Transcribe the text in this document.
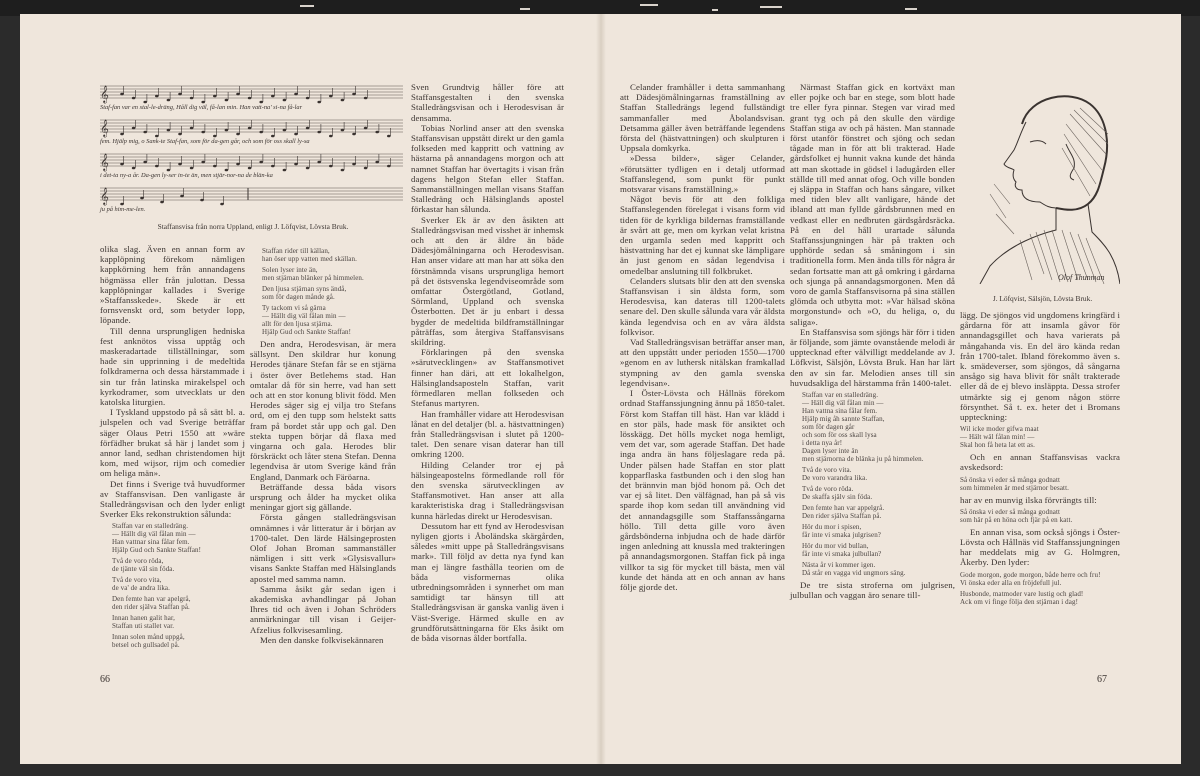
𝄞
𝄞
𝄞
𝄞
Staf-fan var en stal-le-dräng, Håll dig väl, få-lan min. Han vatt-na' si-na få-lar
fem. Hjälp mig, o Sank-te Staf-fan, som för da-gen går, och som för oss skall ly-sa
i det-ta ny-a år. Da-gen ly-ser in-te än, men stjär-nor-na de blän-ka
ju på him-me-len.
Staffansvisa från norra Uppland, enligt J. Löfqvist, Lövsta Bruk.

olika slag. Även en annan form av kapplöpning förekom nämligen kappkörning hem från annandagens högmässa eller från julottan. Dessa kapplöpningar kallades i Sverige »Staffansskede». Skede är ett fornsvenskt ord, som betyder lopp, löpande.

Till denna ursprungligen hedniska fest anknötos vissa upptåg och maskeradartade tillställningar, som hade sin upprinning i de medeltida folkdramerna och dessa härstammade i sin tur från latinska mirakelspel och kyrkodramer, som utvecklats ur den katolska liturgien.

I Tyskland uppstodo på så sätt bl. a. julspelen och vad Sverige beträffar säger Olaus Petri 1550 att »wäre förfädher brukat så här j landet som j annor land, sedhan christendomen hijt kom, med wijsor, rijm och comedier om heliga män».

Det finns i Sverige två huvudformer av Staffansvisan. Den vanligaste är Stalledrängsvisan och den lyder enligt Sverker Eks rekonstruktion sålunda:

Staffan var en stalledräng.
— Hällt dig väl fålan min —
Han vattnar sina fålar fem.
Hjälp Gud och Sankte Staffan!
Två de voro röda,
de tjänte väl sin föda.
Två de voro vita,
de va' de andra lika.
Den femte han var apelgrå,
den rider själva Staffan på.
Innan hanen galit har,
Staffan uti stallet var.
Innan solen månd uppgå,
betsel och gullsadel på.
Staffan rider till källan,
han öser upp vatten med skällan.
Solen lyser inte än,
men stjärnan blänker på himmelen.
Den ljusa stjärnan syns ändå,
som för dagen månde gå.
Ty tackom vi så gärna
— Hällt dig väl fålan min —
allt för den ljusa stjärna.
Hjälp Gud och Sankte Staffan!

Den andra, Herodesvisan, är mera sällsynt. Den skildrar hur konung Herodes tjänare Stefan får se en stjärna i öster över Betlehems stad. Han omtalar då för sin herre, vad han sett och att en stor konung blivit född. Men Herodes säger sig ej vilja tro Stefans ord, om ej den tupp som helstekt satts fram på bordet står upp och gal. Den stekta tuppen börjar då flaxa med vingarna och gala. Herodes blir förskräckt och låter stena Stefan. Denna legendvisa är utom Sverige känd från England, Danmark och Färöarna.

Beträffande dessa båda visors ursprung och ålder ha mycket olika meningar gjort sig gällande.

Första gången stalledrängsvisan omnämnes i vår litteratur är i början av 1700-talet. Den lärde Hälsingeprosten Olof Johan Broman sammanställer nämligen i sitt verk »Glysisvallur» visans Sankte Staffan med Hälsinglands apostel med samma namn.

Samma åsikt går sedan igen i akademiska avhandlingar på Johan Ihres tid och även i Johan Schröders anmärkningar till visan i Geijer-Afzelius folkvisesamling.

Men den danske folkvisekännaren

Sven Grundtvig håller före att Staffansgestalten i den svenska Stalledrängsvisan och i Herodesvisan är densamma.

Tobias Norlind anser att den svenska Staffansvisan uppstått direkt ur den gamla folkseden med kappritt och vattning av hästarna på annandagens morgon och att namnet Staffan har övertagits i visan från dagens helgon Stefan eller Staffan. Sammanställningen mellan visans Staffan Stalledräng och Hälsinglands apostel förkastar han sålunda.

Sverker Ek är av den åsikten att Stalledrängsvisan med visshet är inhemsk och att den är äldre än både Dädesjömålningarna och Herodesvisan. Han anser vidare att man har att söka den förstnämnda visans ursprungliga hemort på det östsvenska legendviseområde som omfattar Östergötland, Gotland, Sörmland, Uppland och svenska Österbotten. Det är ju enbart i dessa bygder de medeltida bildframställningar påträffas, som återgiva Staffansvisans skildring.

Förklaringen på den svenska »särutvecklingen» av Staffansmotivet finner han däri, att ett lokalhelgon, Hälsinglandsaposteln Staffan, varit förmedlaren mellan folkseden och Stefanus martyren.

Han framhåller vidare att Herodesvisan lånat en del detaljer (bl. a. hästvattningen) från Stalledrängsvisan i slutet på 1200-talet. Den senare visan daterar han till omkring 1200.

Hilding Celander tror ej på hälsingeapostelns förmedlande roll för den svenska särutvecklingen av Staffansmotivet. Han anser att alla karakteristiska drag i Stalledrängsvisan kunna härledas direkt ur Herodesvisan.

Dessutom har ett fynd av Herodesvisan nyligen gjorts i Åboländska skärgården, således »mitt uppe på Stalledrängsvisans mark». Till följd av detta nya fynd kan man ej längre fasthålla teorien om de båda visformernas olika utbredningsområden i synnerhet om man samtidigt tar hänsyn till att Stalledrängsvisan är ganska vanlig även i Väst-Sverige. Härmed skulle en av grundförutsättningarna för Eks åsikt om de båda visornas ålder bortfalla.

66

Celander framhåller i detta sammanhang att Dädesjömålningarnas framställning av Staffan Stalledrängs legend fullständigt sammanfaller med Åbolandsvisan. Detsamma gäller även beträffande legendens första del (hästvattningen) och skulpturen i Uppsala domkyrka.

»Dessa bilder», säger Celander, »förutsätter tydligen en i detalj utformad Staffanslegend, som punkt för punkt motsvarar visans framställning.»

Något bevis för att den folkliga Staffanslegenden förelegat i visans form vid tiden för de kyrkliga bildernas framställande är svårt att ge, men om kyrkan velat kristna den urgamla seden med kappritt och hästvattning har det ej kunnat ske lämpligare än just genom en sådan legendvisa i omedelbar anslutning till folkbruket.

Celanders slutsats blir den att den svenska Staffansvisan i sin äldsta form, som Herodesvisa, kan dateras till 1200-talets senare del. Den skulle sålunda vara vår äldsta kända legendvisa och en av våra äldsta folkvisor.

Vad Stalledrängsvisan beträffar anser man, att den uppstått under perioden 1550—1700 »genom en av luthersk nitälskan framkallad stympning av den gamla svenska legendvisan».

I Öster-Lövsta och Hållnäs förekom ordnad Staffanssjungning ännu på 1850-talet. Först kom Staffan till häst. Han var klädd i en stor päls, hade mask för ansiktet och lösskägg. Det hölls mycket noga hemligt, vem det var, som agerade Staffan. Det hade inga andra än hans följeslagare reda på. Under pälsen hade Staffan en stor platt kopparflaska fastbunden och i den slog han det brännvin man bjöd honom på. Och det var ej så litet. Den välfägnad, han på så vis sparde ihop kom sedan till användning vid det annandagsgille som Staffanssångarna höllo. Till detta gille voro även gårdsbönderna inbjudna och de hade därför ingen anledning att knussla med trakteringen på annandagsmorgonen. Staffan fick på inga villkor ta sig för mycket till bästa, men väl kunde det hända att en och annan av hans följe gjorde det.

Närmast Staffan gick en kortväxt man eller pojke och bar en stege, som blott hade tre eller fyra pinnar. Stegen var virad med grant tyg och på den skulle den värdige Staffan stiga av och på hästen. Man stannade först utanför fönstret och sjöng och sedan tågade man in för att bli trakterad. Hade gårdsfolket ej hunnit vakna kunde det hända att man skottade in gödsel i ladugården eller ställde till med annat ofog. Och ville bonden ej släppa in Staffan och hans sångare, vilket med tiden blev allt vanligare, hände det ibland att man fyllde gårdsbrunnen med en vedkast eller en nedbruten gärdsgårdsräcka. På en del håll urartade sålunda Staffanssjungningen här på trakten och upphörde sedan så småningom i sin traditionella form. Men ända tills för några år sedan fortsatte man att gå omkring i gårdarna och sjunga på annandagsmorgonen. Men då voro de gamla Staffansvisorna på sina ställen glömda och utbytta mot: »Var hälsad sköna morgonstund» och »O, du heliga, o, du saliga».

En Staffansvisa som sjöngs här förr i tiden är följande, som jämte ovanstående melodi är upptecknad efter välvilligt meddelande av J. Löfkvist, Sälsjön, Lövsta Bruk. Han har lärt den av sin far. Melodien anses till sin huvudsakliga del härstamma från 1400-talet.

Staffan var en stalledräng.
— Häll dig väl fålan min —
Han vattna sina fålar fem.
Hjälp mig åh sannte Staffan,
som för dagen går
och som för oss skall lysa
i detta nya år!
Dagen lyser inte än
men stjärnorna de blänka ju på himmelen.
Två de voro vita.
De voro varandra lika.
Två de voro röda.
De skaffa själv sin föda.
Den femte han var appelgrå.
Den rider själva Staffan på.
Hör du mor i spisen,
får inte vi smaka julgrisen?
Hör du mor vid bullan,
får inte vi smaka julbullan?
Nästa år vi kommer igen.
Då står en vagga vid ungmors säng.

De tre sista stroferna om julgrisen, julbullan och vaggan äro senare till-

Olof Thunman
J. Löfqvist, Sälsjön, Lövsta Bruk.

lägg. De sjöngos vid ungdomens kringfärd i gårdarna för att insamla gåvor för annandagsgillet och hava varierats på mångahanda vis. En del äro kända redan från 1700-talet. Ibland förekommo även s. k. smädeverser, som sjöngos, då sångarna ansågo sig hava blivit för snålt trakterade eller då de ej blevo insläppta. Dessa strofer utmärkte sig ej genom någon större försynthet. Så t. ex. heter det i Bromans uppteckning:

Wil icke moder gifwa maat
— Hält wäl fålan min! —
Skal hon få heta lat ett as.

Och en annan Staffansvisas vackra avskedsord:

Så önska vi eder så många godnatt
som himmelen är med stjärnor besatt.

har av en munvig ilska förvrängts till:

Så önska vi eder så många godnatt
som här på en höna och fjär på en katt.

En annan visa, som också sjöngs i Öster-Lövsta och Hållnäs vid Staffanssjungningen har meddelats mig av G. Holmgren, Åkerby. Den lyder:

Gode morgon, gode morgon, både herre och fru!
Vi önska eder alla en fröjdefull jul.
Husbonde, matmoder vare lustig och glad!
Ack om vi finge följa den stjärnan i dag!
67
